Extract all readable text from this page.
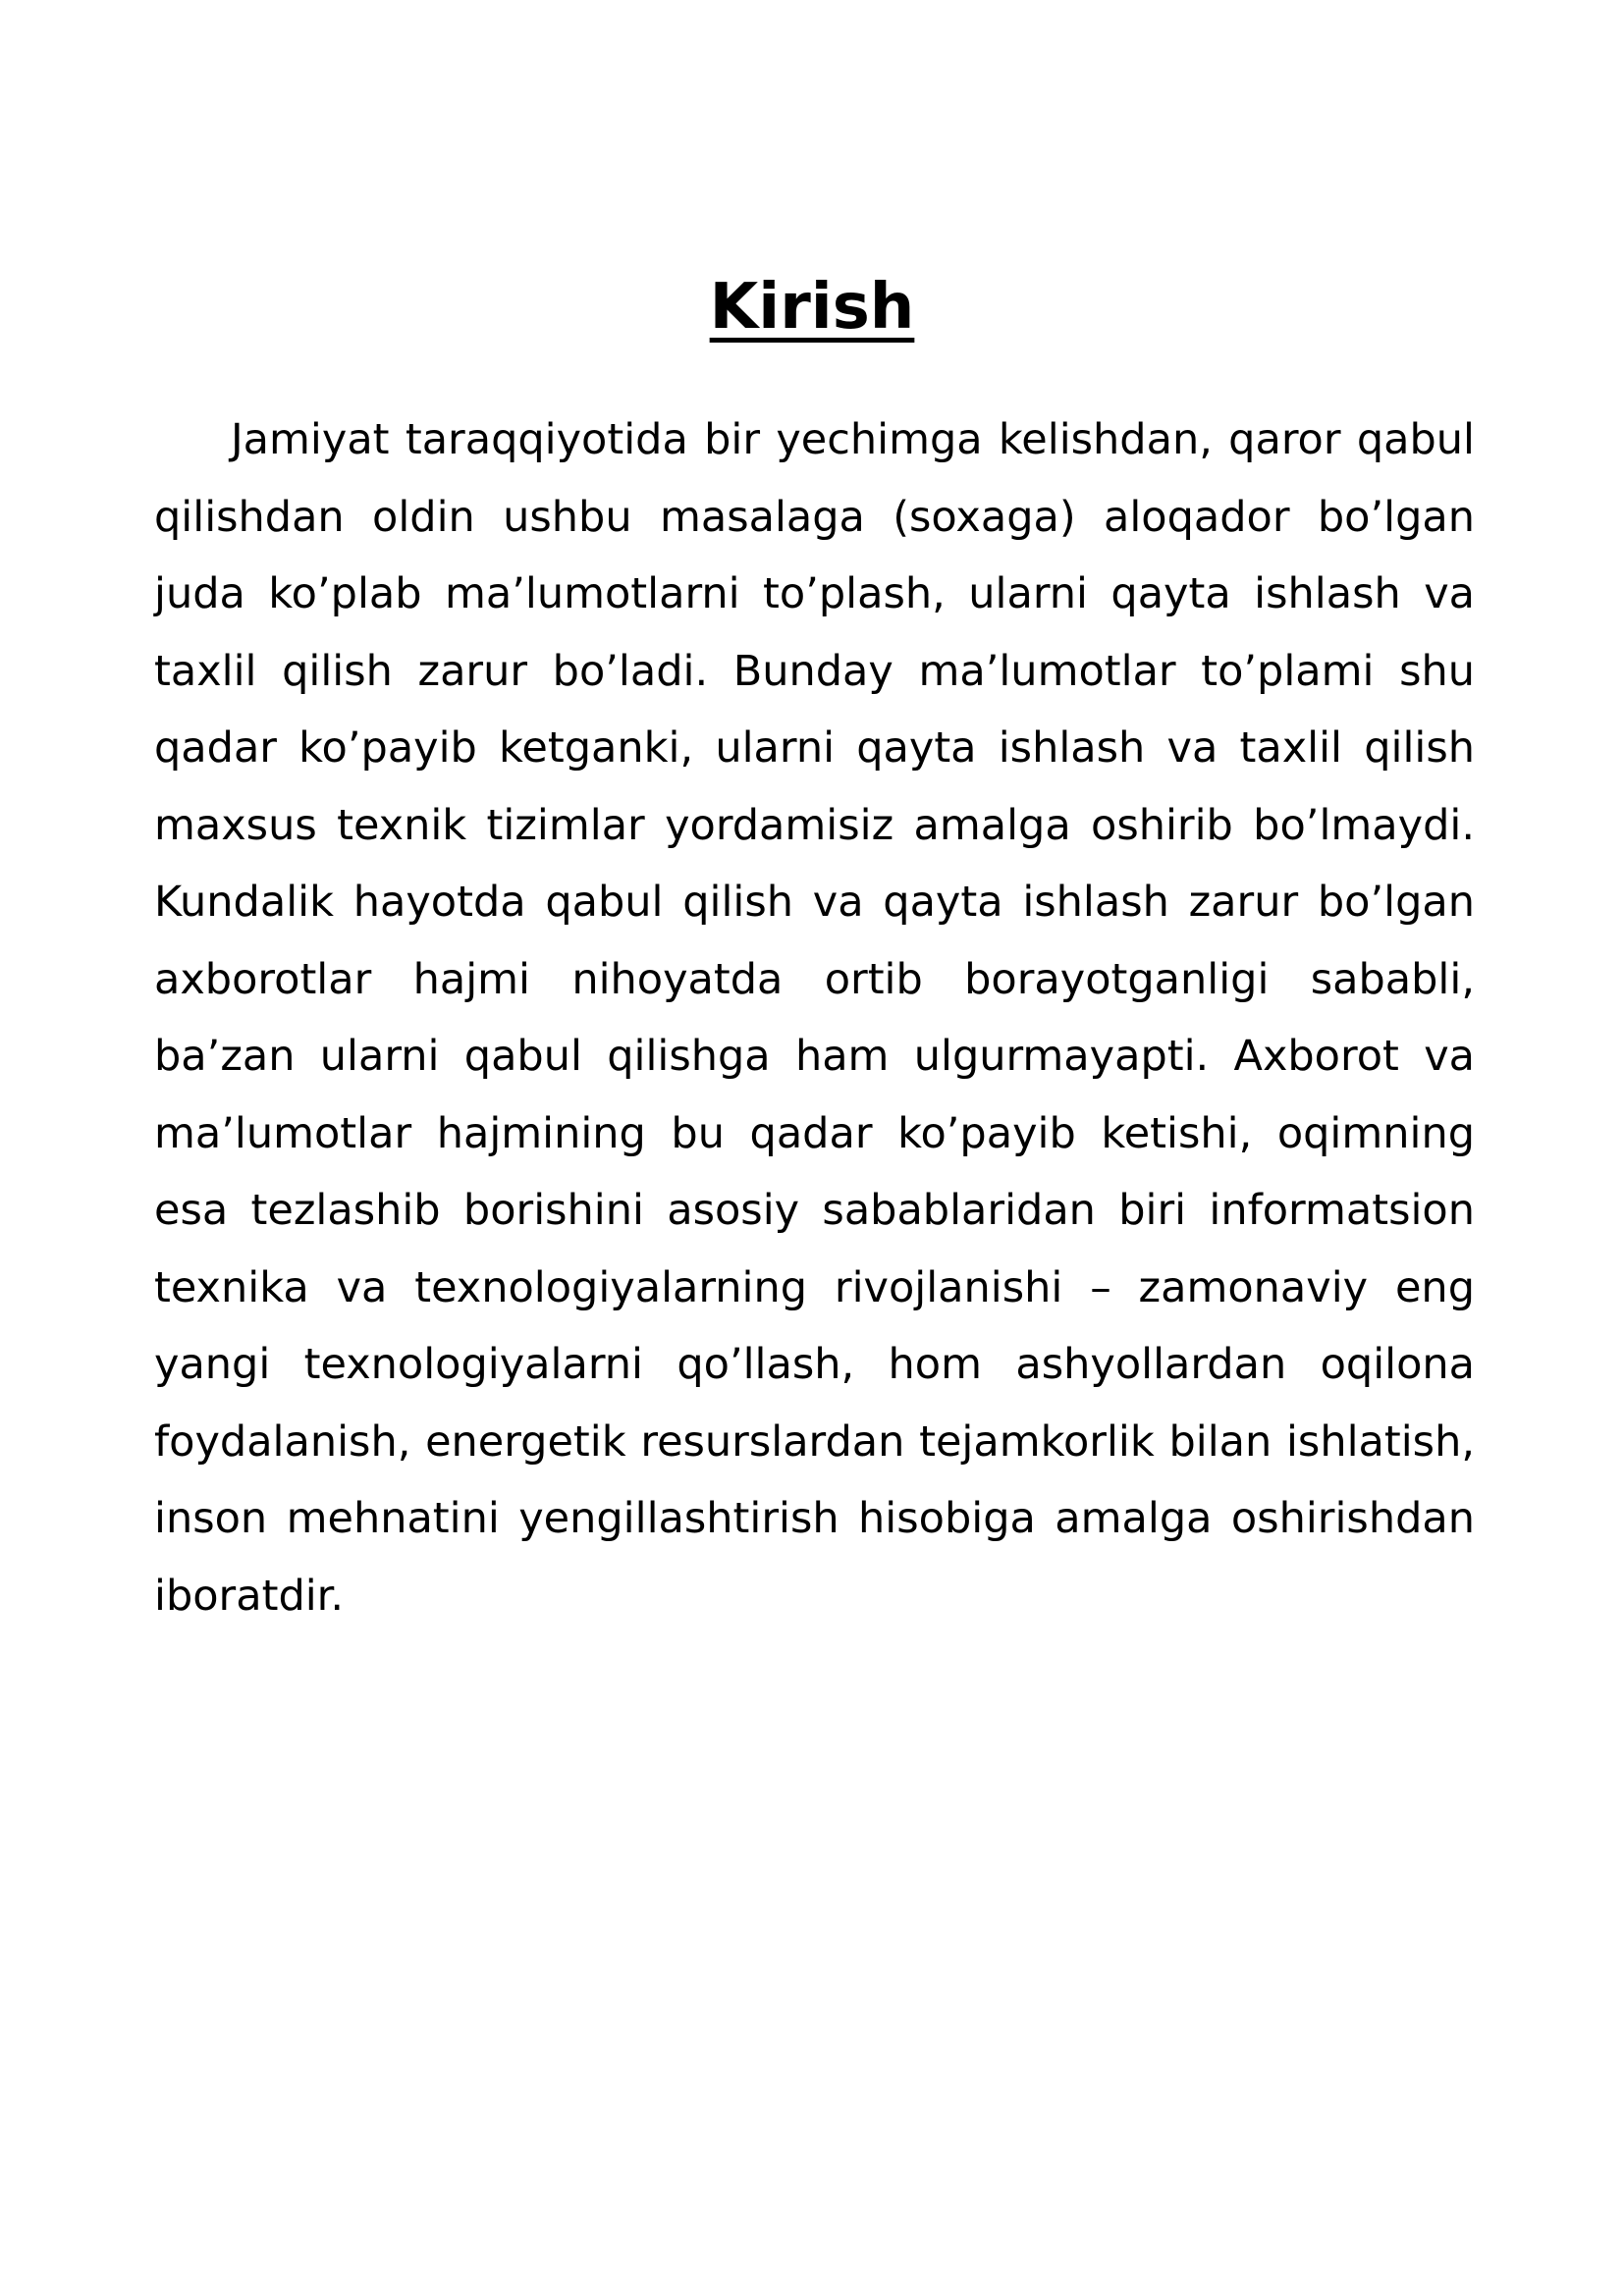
Kirish

Jamiyat taraqqiyotida bir yechimga kelishdan, qaror qabul qilishdan oldin ushbu masalaga (soxaga) aloqador bo’lgan juda ko’plab ma’lumotlarni to’plash, ularni qayta ishlash va taxlil qilish zarur bo’ladi. Bunday ma’lumotlar to’plami shu qadar ko’payib ketganki, ularni qayta ishlash va taxlil qilish maxsus texnik tizimlar yordamisiz amalga oshirib bo’lmaydi. Kundalik hayotda qabul qilish va qayta ishlash zarur bo’lgan axborotlar hajmi nihoyatda ortib borayotganligi sababli, ba’zan ularni qabul qilishga ham ulgurmayapti. Axborot va ma’lumotlar hajmining bu qadar ko’payib ketishi, oqimning esa tezlashib borishini asosiy sabablaridan biri informatsion texnika va texnologiyalarning rivojlanishi – zamonaviy eng yangi texnologiyalarni qo’llash, hom ashyollardan oqilona foydalanish, energetik resurslardan tejamkorlik bilan ishlatish, inson mehnatini yengillashtirish hisobiga amalga oshirishdan iboratdir.
